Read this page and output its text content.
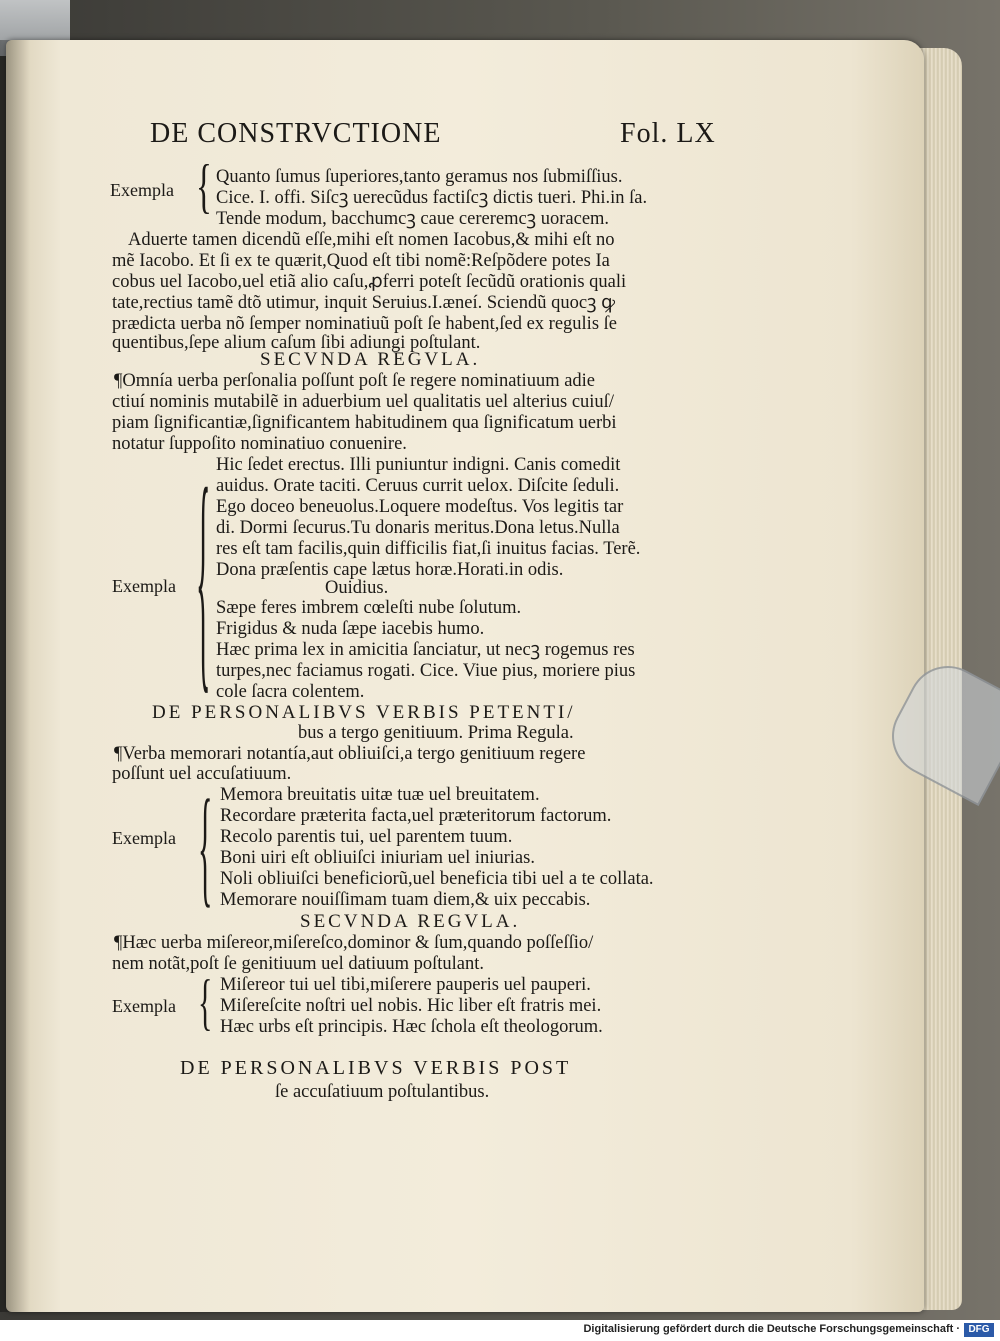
DE CONSTRVCTIONE	Fol. LX
Exempla { Quanto ſumus ſuperiores,tanto geramus nos ſubmiſſius.
Cice. I. offi. Siſcꝫ uerecũdus factiſcꝫ dictis tueri. Phi.in ſa.
Tende modum, bacchumcꝫ caue cereremcꝫ uoracem.
Aduerte tamen dicendũ eſſe,mihi eſt nomen Iacobus,& mihi eſt no
mẽ Iacobo. Et ſi ex te quærit,Quod eſt tibi nomẽ:Reſpõdere potes Ia
cobus uel Iacobo,uel etiã alio caſu,ꝓferri poteſt ſecũdũ orationis quali
tate,rectius tamẽ dtõ utimur, inquit Seruius.I.æneí. Sciendũ quocꝫ ꝙ
prædicta uerba nõ ſemper nominatiuũ poſt ſe habent,ſed ex regulis ſe
quentibus,ſepe alium caſum ſibi adiungi poſtulant.
SECVNDA REGVLA.
¶Omnía uerba perſonalia poſſunt poſt ſe regere nominatiuum adie
ctiuí nominis mutabilẽ in aduerbium uel qualitatis uel alterius cuiuſ/
piam ſignificantiæ,ſignificantem habitudinem qua ſignificatum uerbi
notatur ſuppoſito nominatiuo conuenire.
Exempla { Hic ſedet erectus. Illi puniuntur indigni. Canis comedit
auidus. Orate taciti. Ceruus currit uelox. Diſcite ſeduli.
Ego doceo beneuolus.Loquere modeſtus. Vos legitis tar
di. Dormi ſecurus.Tu donaris meritus.Dona letus.Nulla
res eſt tam facilis,quin difficilis fiat,ſi inuitus facias. Terẽ.
Dona præſentis cape lætus horæ.Horati.in odis.
Ouidius.
Sæpe feres imbrem cœleſti nube ſolutum.
Frigidus & nuda ſæpe iacebis humo.
Hæc prima lex in amicitia ſanciatur, ut necꝫ rogemus res
turpes,nec faciamus rogati. Cice. Viue pius, moriere pius
cole ſacra colentem.
DE PERSONALIBVS VERBIS PETENTI/
bus a tergo genitiuum. Prima Regula.
¶Verba memorari notantía,aut obliuiſci,a tergo genitiuum regere
poſſunt uel accuſatiuum.
Exempla { Memora breuitatis uitæ tuæ uel breuitatem.
Recordare præterita facta,uel præteritorum factorum.
Recolo parentis tui, uel parentem tuum.
Boni uiri eſt obliuiſci iniuriam uel iniurias.
Noli obliuiſci beneficiorũ,uel beneficia tibi uel a te collata.
Memorare nouiſſimam tuam diem,& uix peccabis.
SECVNDA REGVLA.
¶Hæc uerba miſereor,miſereſco,dominor & ſum,quando poſſeſſio/
nem notãt,poſt ſe genitiuum uel datiuum poſtulant.
Exempla { Miſereor tui uel tibi,miſerere pauperis uel pauperi.
Miſereſcite noſtri uel nobis. Hic liber eſt fratris mei.
Hæc urbs eſt principis. Hæc ſchola eſt theologorum.
DE PERSONALIBVS VERBIS POST
ſe accuſatiuum poſtulantibus.
Digitalisierung gefördert durch die Deutsche Forschungsgemeinschaft · DFG
